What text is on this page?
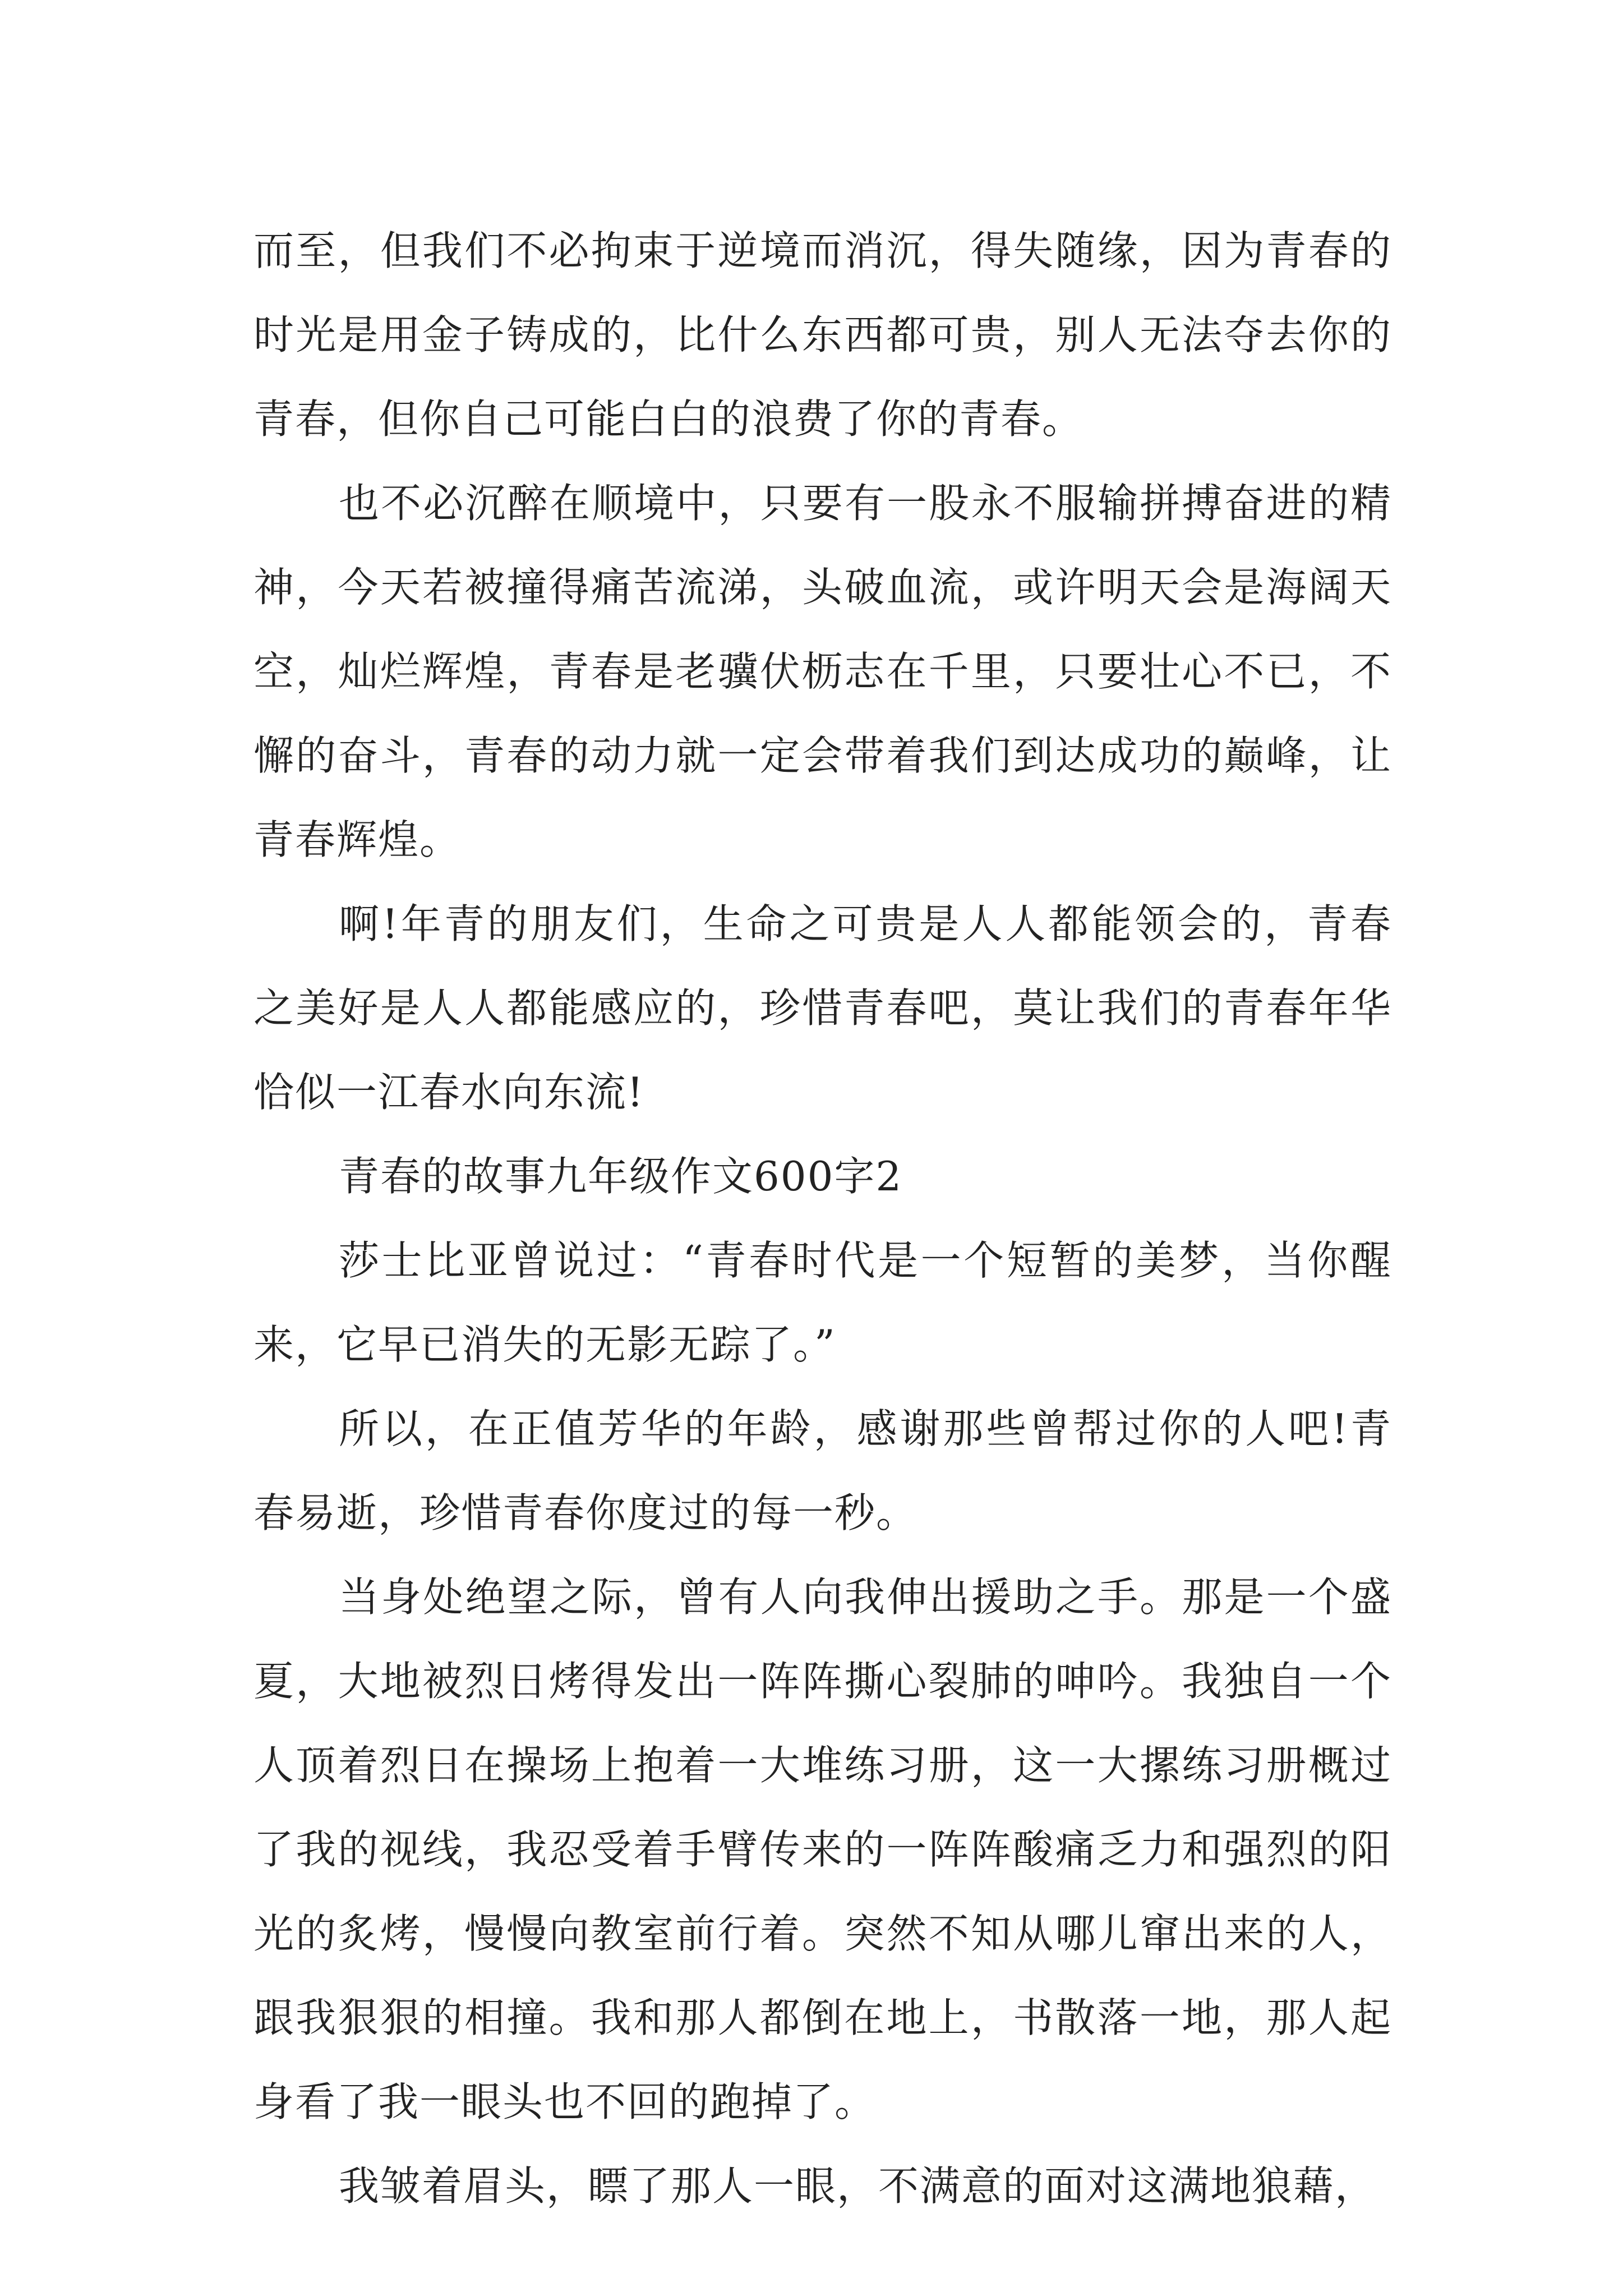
而至，但我们不必拘束于逆境而消沉，得失随缘，因为青春的时光是用金子铸成的，比什么东西都可贵，别人无法夺去你的青春，但你自己可能白白的浪费了你的青春。

也不必沉醉在顺境中，只要有一股永不服输拼搏奋进的精神，今天若被撞得痛苦流涕，头破血流，或许明天会是海阔天空，灿烂辉煌，青春是老骥伏枥志在千里，只要壮心不已，不懈的奋斗，青春的动力就一定会带着我们到达成功的巅峰，让青春辉煌。

啊!年青的朋友们，生命之可贵是人人都能领会的，青春之美好是人人都能感应的，珍惜青春吧，莫让我们的青春年华恰似一江春水向东流!

青春的故事九年级作文600字2

莎士比亚曾说过：“青春时代是一个短暂的美梦，当你醒来，它早已消失的无影无踪了。”

所以，在正值芳华的年龄，感谢那些曾帮过你的人吧!青春易逝，珍惜青春你度过的每一秒。

当身处绝望之际，曾有人向我伸出援助之手。那是一个盛夏，大地被烈日烤得发出一阵阵撕心裂肺的呻吟。我独自一个人顶着烈日在操场上抱着一大堆练习册，这一大摞练习册概过了我的视线，我忍受着手臂传来的一阵阵酸痛乏力和强烈的阳光的炙烤，慢慢向教室前行着。突然不知从哪儿窜出来的人，跟我狠狠的相撞。我和那人都倒在地上，书散落一地，那人起身看了我一眼头也不回的跑掉了。

我皱着眉头，瞟了那人一眼，不满意的面对这满地狼藉，
